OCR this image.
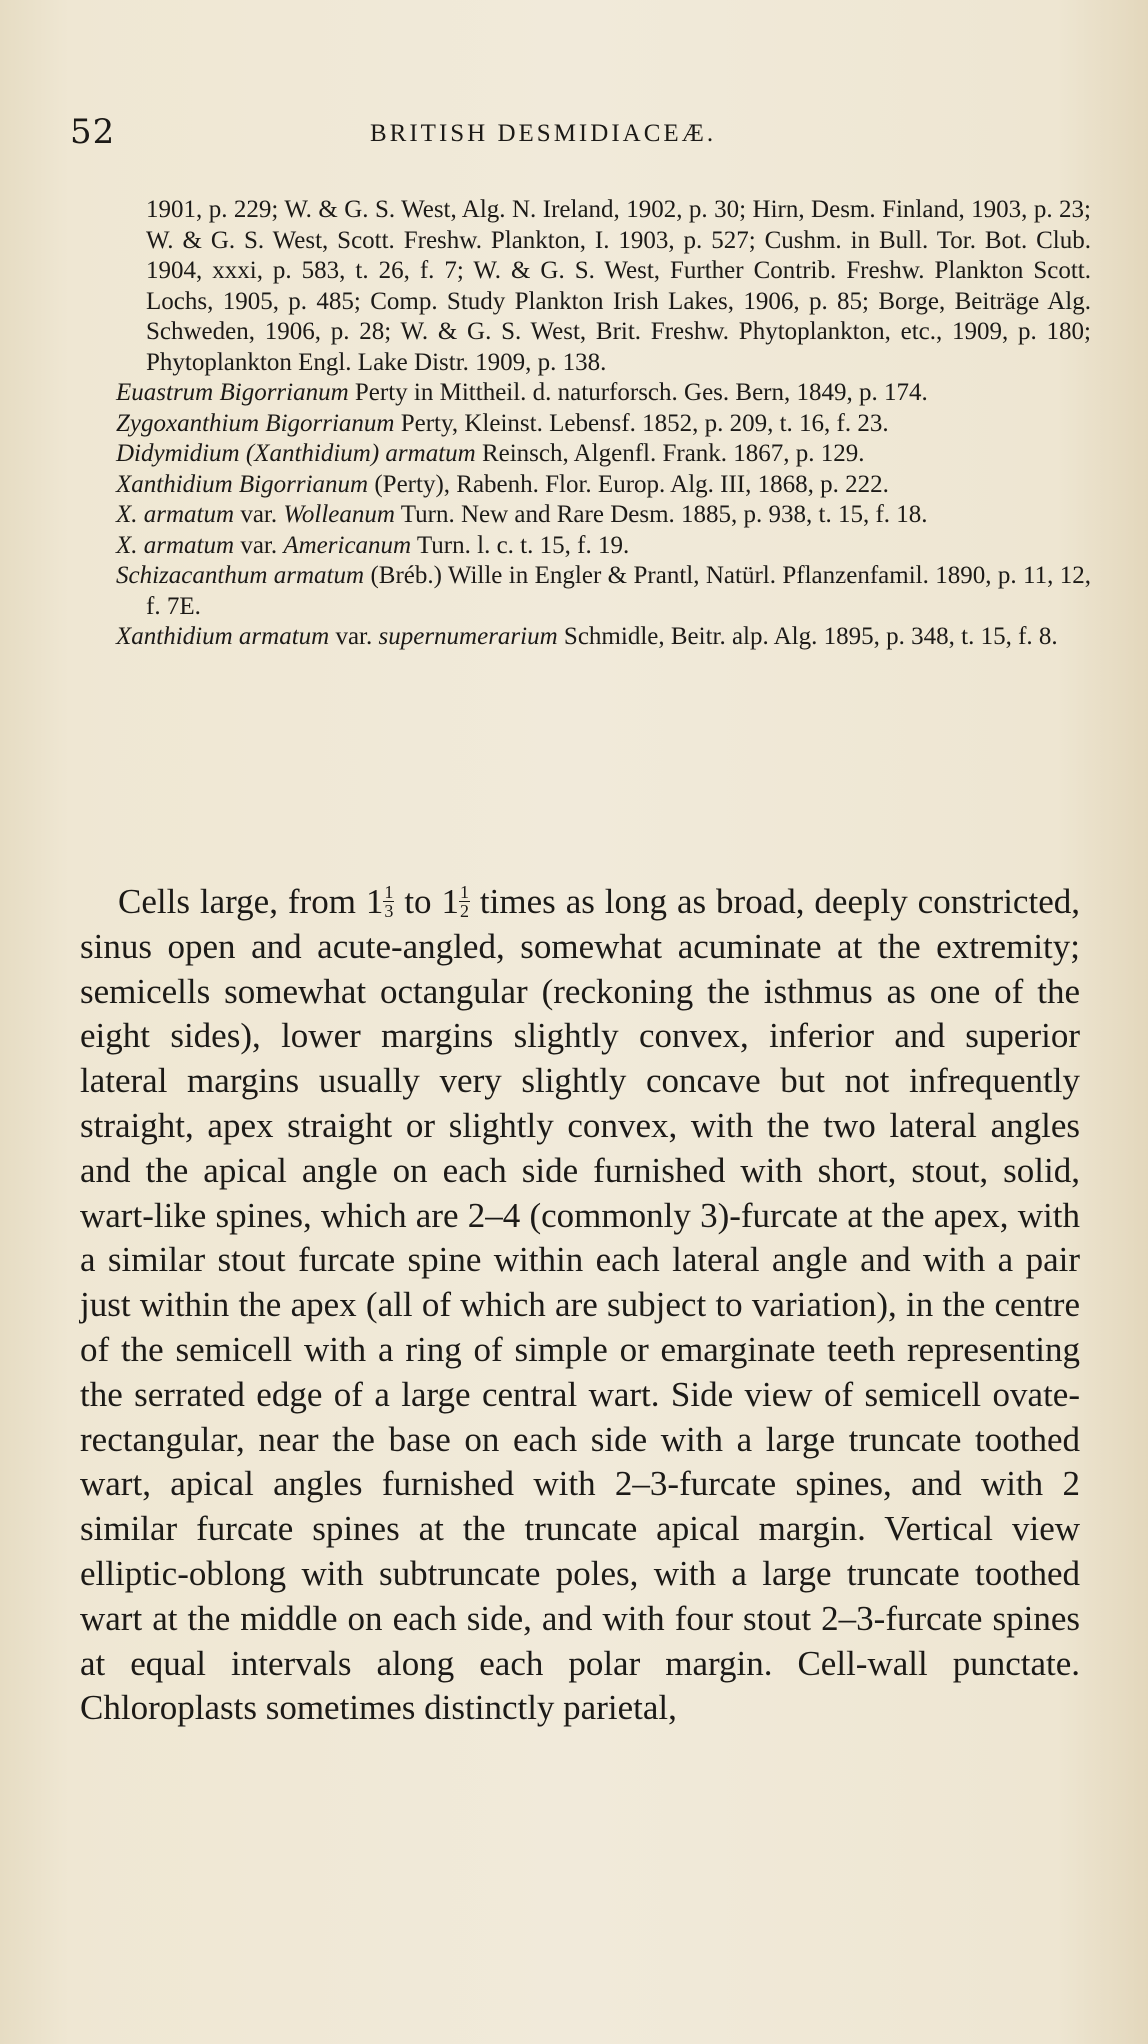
52	BRITISH DESMIDIACEÆ.

1901, p. 229; W. & G. S. West, Alg. N. Ireland, 1902, p. 30; Hirn, Desm. Finland, 1903, p. 23; W. & G. S. West, Scott. Freshw. Plankton, I. 1903, p. 527; Cushm. in Bull. Tor. Bot. Club. 1904, xxxi, p. 583, t. 26, f. 7; W. & G. S. West, Further Contrib. Freshw. Plankton Scott. Lochs, 1905, p. 485; Comp. Study Plankton Irish Lakes, 1906, p. 85; Borge, Beiträge Alg. Schweden, 1906, p. 28; W. & G. S. West, Brit. Freshw. Phytoplankton, etc., 1909, p. 180; Phytoplankton Engl. Lake Distr. 1909, p. 138.

Euastrum Bigorrianum Perty in Mittheil. d. naturforsch. Ges. Bern, 1849, p. 174.

Zygoxanthium Bigorrianum Perty, Kleinst. Lebensf. 1852, p. 209, t. 16, f. 23.

Didymidium (Xanthidium) armatum Reinsch, Algenfl. Frank. 1867, p. 129.

Xanthidium Bigorrianum (Perty), Rabenh. Flor. Europ. Alg. III, 1868, p. 222.

X. armatum var. Wolleanum Turn. New and Rare Desm. 1885, p. 938, t. 15, f. 18.

X. armatum var. Americanum Turn. l. c. t. 15, f. 19.

Schizacanthum armatum (Bréb.) Wille in Engler & Prantl, Natürl. Pflanzenfamil. 1890, p. 11, 12, f. 7E.

Xanthidium armatum var. supernumerarium Schmidle, Beitr. alp. Alg. 1895, p. 348, t. 15, f. 8.

Cells large, from $1 \frac{1}{3}$ to $1 \frac{1}{2}$ times as long as broad, deeply constricted, sinus open and acute-angled, somewhat acuminate at the extremity; semicells somewhat octangular (reckoning the isthmus as one of the eight sides), lower margins slightly convex, inferior and superior lateral margins usually very slightly concave but not infrequently straight, apex straight or slightly convex, with the two lateral angles and the apical angle on each side furnished with short, stout, solid, wart-like spines, which are 2–4 (commonly 3)-furcate at the apex, with a similar stout furcate spine within each lateral angle and with a pair just within the apex (all of which are subject to variation), in the centre of the semicell with a ring of simple or emarginate teeth representing the serrated edge of a large central wart. Side view of semicell ovate-rectangular, near the base on each side with a large truncate toothed wart, apical angles furnished with 2–3-furcate spines, and with 2 similar furcate spines at the truncate apical margin. Vertical view elliptic-oblong with subtruncate poles, with a large truncate toothed wart at the middle on each side, and with four stout 2–3-furcate spines at equal intervals along each polar margin. Cell-wall punctate. Chloroplasts sometimes distinctly parietal,
